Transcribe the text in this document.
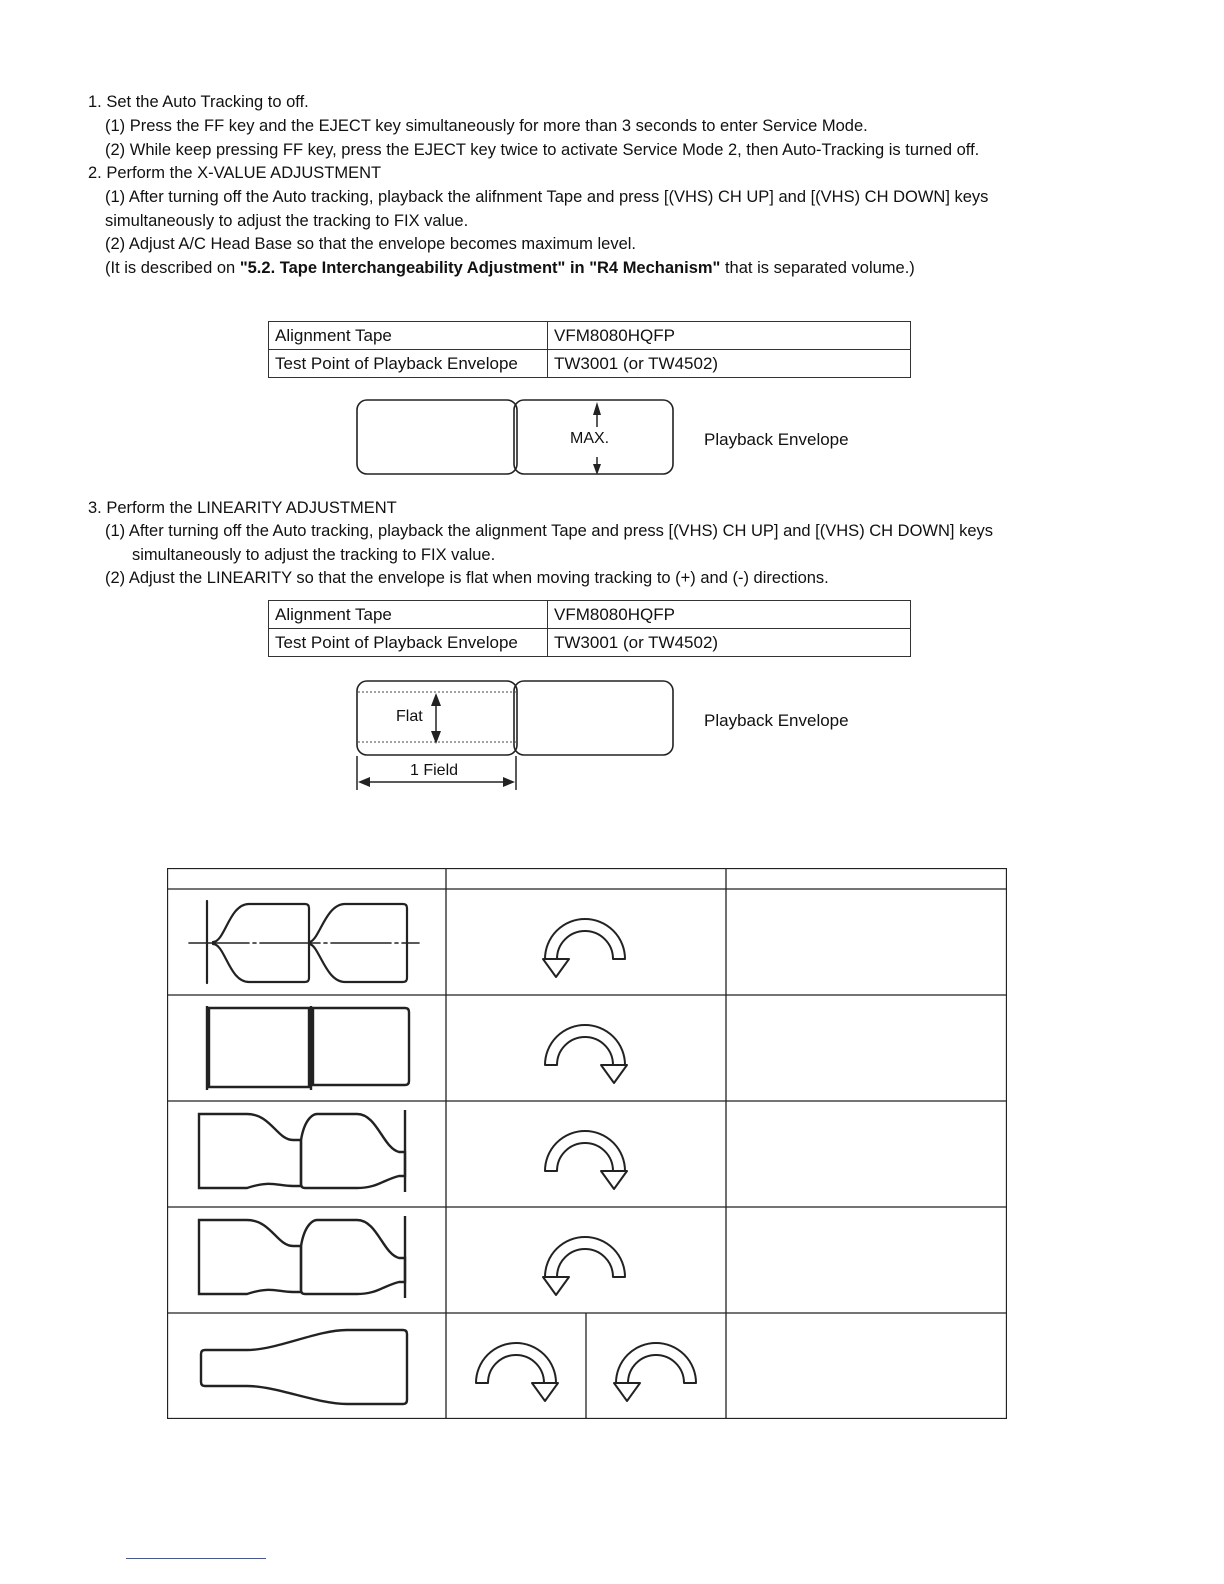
1. Set the Auto Tracking to off.
(1) Press the FF key and the EJECT key simultaneously for more than 3 seconds to enter Service Mode.
(2) While keep pressing FF key, press the EJECT key twice to activate Service Mode 2, then Auto-Tracking is turned off.
2. Perform the X-VALUE ADJUSTMENT
(1) After turning off the Auto tracking, playback the alifnment Tape and press [(VHS) CH UP] and [(VHS) CH DOWN] keys
simultaneously to adjust the tracking to FIX value.
(2) Adjust A/C Head Base so that the envelope becomes maximum level.
(It is described on "5.2. Tape Interchangeability Adjustment" in "R4 Mechanism" that is separated volume.)
Alignment Tape	VFM8080HQFP
Test Point of Playback Envelope	TW3001 (or TW4502)
MAX.	Playback Envelope
3. Perform the LINEARITY ADJUSTMENT
(1) After turning off the Auto tracking, playback the alignment Tape and press [(VHS) CH UP] and [(VHS) CH DOWN] keys
simultaneously to adjust the tracking to FIX value.
(2) Adjust the LINEARITY so that the envelope is flat when moving tracking to (+) and (-) directions.
Alignment Tape	VFM8080HQFP
Test Point of Playback Envelope	TW3001 (or TW4502)
Flat
1 Field
Playback Envelope
